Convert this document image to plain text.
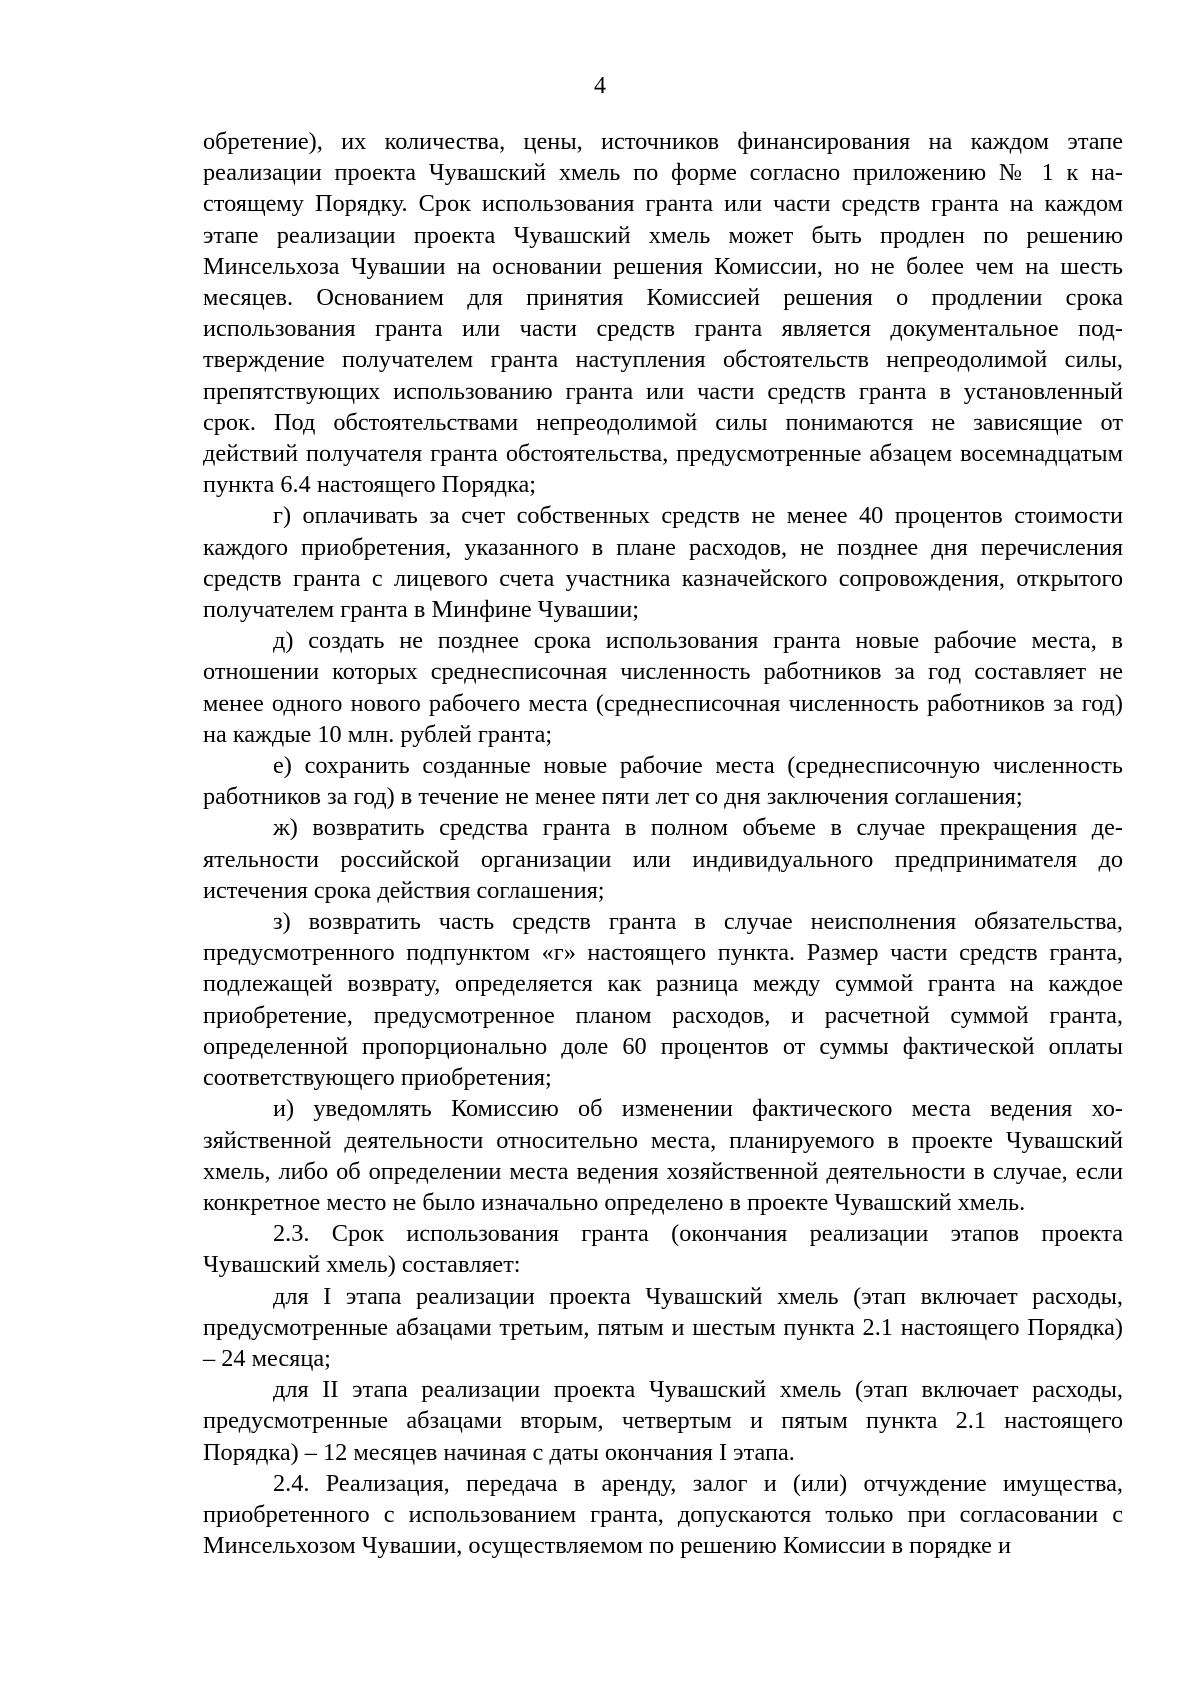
4

обретение), их количества, цены, источников финансирования на каждом этапе реализации проекта Чувашский хмель по форме согласно приложению № 1 к настоящему Порядку. Срок использования гранта или части средств гранта на каждом этапе реализации проекта Чувашский хмель может быть продлен по решению Минсельхоза Чувашии на основании решения Комиссии, но не более чем на шесть месяцев. Основанием для принятия Комиссией решения о продлении срока использования гранта или части средств гранта является документальное подтверждение получателем гранта наступления обстоятельств непреодолимой силы, препятствующих использованию гранта или части средств гранта в установленный срок. Под обстоятельствами непреодолимой силы понимаются не зависящие от действий получателя гранта обстоятельства, предусмотренные абзацем восемнадцатым пункта 6.4 настоящего Порядка;

г) оплачивать за счет собственных средств не менее 40 процентов стоимости каждого приобретения, указанного в плане расходов, не позднее дня перечисления средств гранта с лицевого счета участника казначейского сопровождения, открытого получателем гранта в Минфине Чувашии;

д) создать не позднее срока использования гранта новые рабочие места, в отношении которых среднесписочная численность работников за год составляет не менее одного нового рабочего места (среднесписочная численность работников за год) на каждые 10 млн. рублей гранта;

е) сохранить созданные новые рабочие места (среднесписочную численность работников за год) в течение не менее пяти лет со дня заключения соглашения;

ж) возвратить средства гранта в полном объеме в случае прекращения деятельности российской организации или индивидуального предпринимателя до истечения срока действия соглашения;

з) возвратить часть средств гранта в случае неисполнения обязательства, предусмотренного подпунктом «г» настоящего пункта. Размер части средств гранта, подлежащей возврату, определяется как разница между суммой гранта на каждое приобретение, предусмотренное планом расходов, и расчетной суммой гранта, определенной пропорционально доле 60 процентов от суммы фактической оплаты соответствующего приобретения;

и) уведомлять Комиссию об изменении фактического места ведения хозяйственной деятельности относительно места, планируемого в проекте Чувашский хмель, либо об определении места ведения хозяйственной деятельности в случае, если конкретное место не было изначально определено в проекте Чувашский хмель.

2.3. Срок использования гранта (окончания реализации этапов проекта Чувашский хмель) составляет:

для I этапа реализации проекта Чувашский хмель (этап включает расходы, предусмотренные абзацами третьим, пятым и шестым пункта 2.1 настоящего Порядка) – 24 месяца;

для II этапа реализации проекта Чувашский хмель (этап включает расходы, предусмотренные абзацами вторым, четвертым и пятым пункта 2.1 настоящего Порядка) – 12 месяцев начиная с даты окончания I этапа.

2.4. Реализация, передача в аренду, залог и (или) отчуждение имущества, приобретенного с использованием гранта, допускаются только при согласовании с Минсельхозом Чувашии, осуществляемом по решению Комиссии в порядке и
